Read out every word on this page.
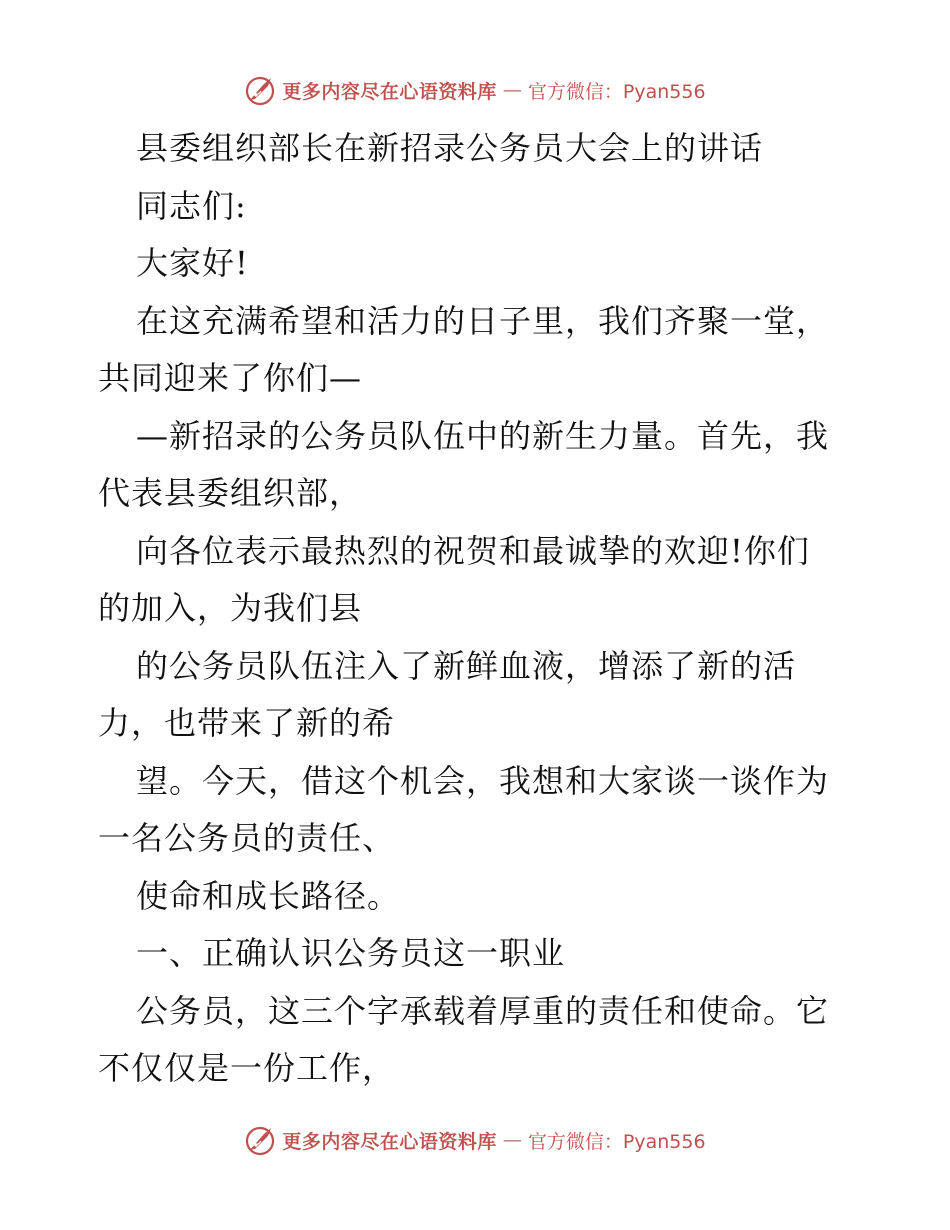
更多内容尽在心语资料库 — 官方微信：Pyan556
县委组织部长在新招录公务员大会上的讲话
同志们:
大家好!
在这充满希望和活力的日子里，我们齐聚一堂，
共同迎来了你们—
—新招录的公务员队伍中的新生力量。首先，我
代表县委组织部，
向各位表示最热烈的祝贺和最诚挚的欢迎!你们
的加入，为我们县
的公务员队伍注入了新鲜血液，增添了新的活
力，也带来了新的希
望。今天，借这个机会，我想和大家谈一谈作为
一名公务员的责任、
使命和成长路径。
一、正确认识公务员这一职业
公务员，这三个字承载着厚重的责任和使命。它
不仅仅是一份工作，
更多内容尽在心语资料库 — 官方微信：Pyan556
